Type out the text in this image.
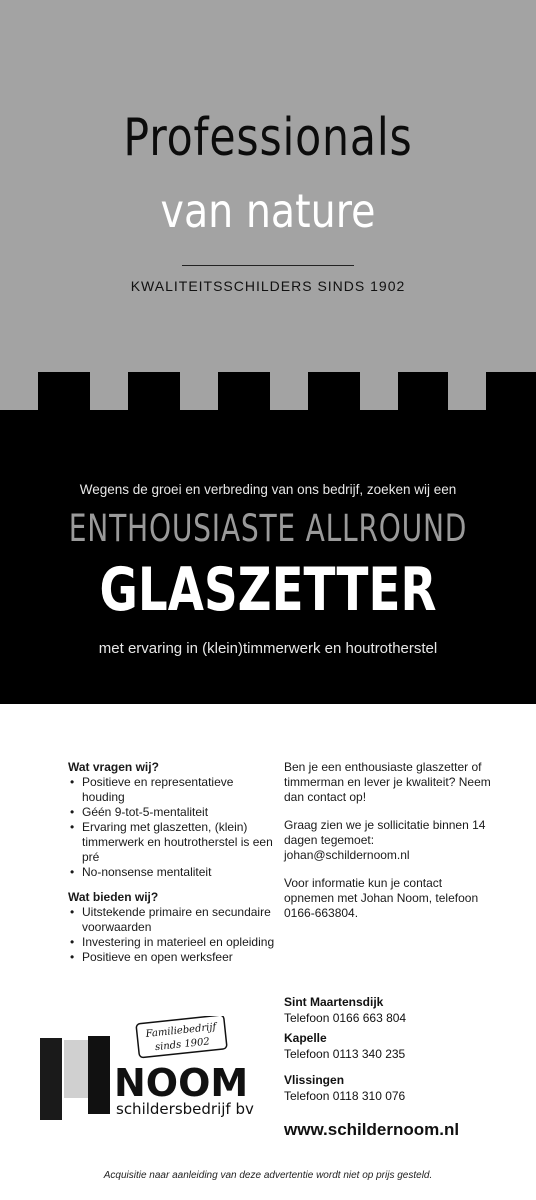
Professionals
van nature
KWALITEITSSCHILDERS SINDS 1902
Wegens de groei en verbreding van ons bedrijf, zoeken wij een
ENTHOUSIASTE ALLROUND
GLASZETTER
met ervaring in (klein)timmerwerk en houtrotherstel

Wat vragen wij?

• Positieve en representatieve houding
• Géén 9-tot-5-mentaliteit
• Ervaring met glaszetten, (klein) timmerwerk en houtrotherstel is een pré
• No-nonsense mentaliteit

Wat bieden wij?

• Uitstekende primaire en secundaire voorwaarden
• Investering in materieel en opleiding
• Positieve en open werksfeer

Ben je een enthousiaste glaszetter of timmerman en lever je kwaliteit? Neem dan contact op!

Graag zien we je sollicitatie binnen 14 dagen tegemoet: johan@schildernoom.nl

Voor informatie kun je contact opnemen met Johan Noom, telefoon 0166-663804.

Sint Maartensdijk
Telefoon 0166 663 804
Kapelle
Telefoon 0113 340 235
Vlissingen
Telefoon 0118 310 076
www.schildernoom.nl
Familiebedrijf
sinds 1902
NOOM
schildersbedrijf bv
Acquisitie naar aanleiding van deze advertentie wordt niet op prijs gesteld.
